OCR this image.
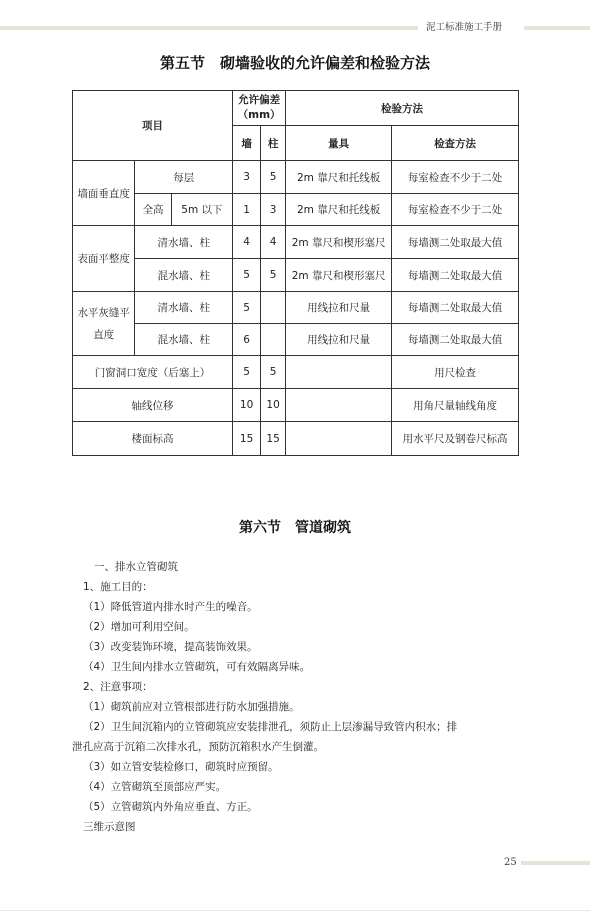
泥工标准施工手册
第五节　砌墙验收的允许偏差和检验方法
项目			允许偏差（mm）		检验方法	
			墙	柱	量具	检查方法
墙面垂直度	每层		3	5	2m 靠尺和托线板	每室检查不少于二处
	全高	5m 以下	1	3	2m 靠尺和托线板	每室检查不少于二处
表面平整度	清水墙、柱		4	4	2m 靠尺和楔形塞尺	每墙测二处取最大值
	混水墙、柱		5	5	2m 靠尺和楔形塞尺	每墙测二处取最大值
水平灰缝平直度	清水墙、柱		5		用线拉和尺量	每墙测二处取最大值
	混水墙、柱		6		用线拉和尺量	每墙测二处取最大值
门窗洞口宽度（后塞上）			5	5		用尺检查
轴线位移			10	10		用角尺量轴线角度
楼面标高			15	15		用水平尺及钢卷尺标高
第六节　管道砌筑

一、排水立管砌筑

1、施工目的：

（1）降低管道内排水时产生的噪音。

（2）增加可利用空间。

（3）改变装饰环境，提高装饰效果。

（4）卫生间内排水立管砌筑，可有效隔离异味。

2、注意事项：

（1）砌筑前应对立管根部进行防水加强措施。

（2）卫生间沉箱内的立管砌筑应安装排泄孔，须防止上层渗漏导致管内积水；排

泄孔应高于沉箱二次排水孔，预防沉箱积水产生倒灌。

（3）如立管安装检修口，砌筑时应预留。

（4）立管砌筑至顶部应严实。

（5）立管砌筑内外角应垂直、方正。

三维示意图

25
